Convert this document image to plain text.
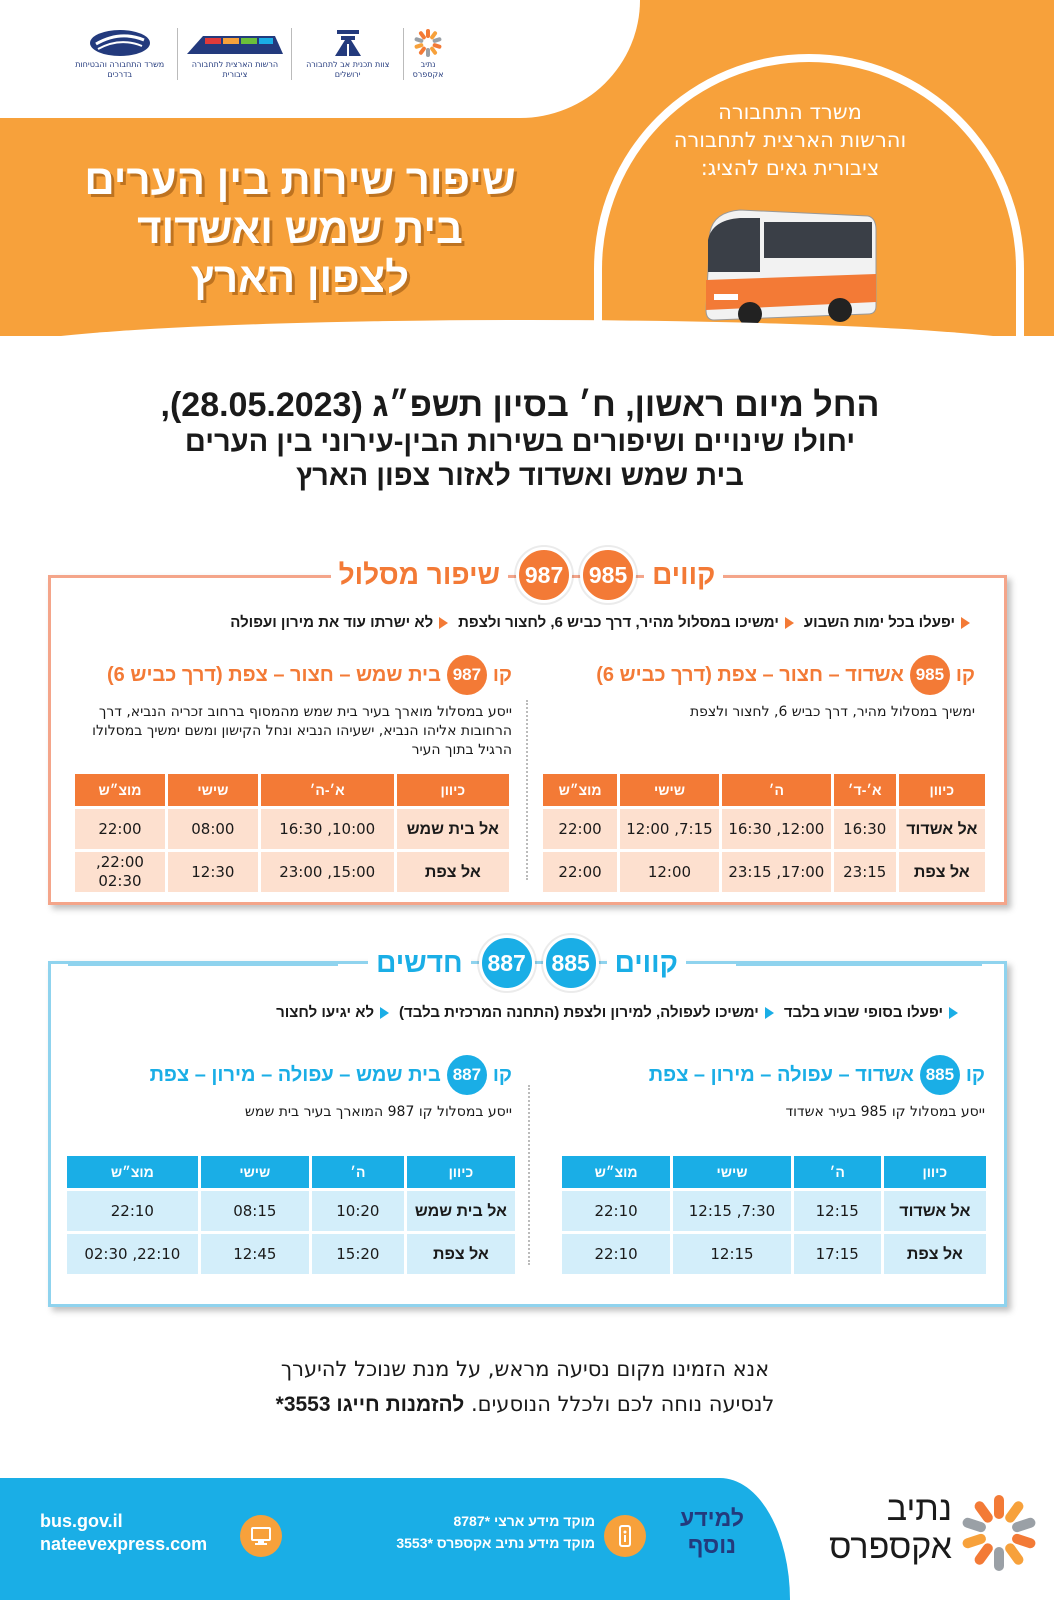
משרד התחבורה והבטיחות בדרכים
הרשות הארצית לתחבורה ציבורית
צוות תכנית אב לתחבורה ירושלים
נתיב אקספרס
שיפור שירות בין הערים
בית שמש ואשדוד
לצפון הארץ
משרד התחבורה
והרשות הארצית לתחבורה
ציבורית גאים להציג:
החל מיום ראשון, ח׳ בסיון תשפ״ג (28.05.2023),
יחולו שינויים ושיפורים בשירות הבין-עירוני בין הערים
בית שמש ואשדוד לאזור צפון הארץ
קווים
985
987
שיפור מסלול
יפעלו בכל ימות השבוע
ימשיכו במסלול מהיר, דרך כביש 6, לחצור ולצפת
לא ישרתו עוד את מירון ועפולה
קו
985
אשדוד – חצור – צפת (דרך כביש 6)
ימשיך במסלול מהיר, דרך כביש 6, לחצור ולצפת
כיוון	א׳-ד׳	ה׳	שישי	מוצ״ש
אל אשדוד	16:30	12:00, 16:30	7:15, 12:00	22:00
אל צפת	23:15	17:00, 23:15	12:00	22:00
קו
987
בית שמש – חצור – צפת (דרך כביש 6)
ייסע במסלול מוארך בעיר בית שמש מהמסוף ברחוב זכריה הנביא, דרך הרחובות אליהו הנביא, ישעיהו הנביא ונחל הקישון ומשם ימשיך במסלולו הרגיל בתוך העיר
כיוון	א׳-ה׳	שישי	מוצ״ש
אל בית שמש	10:00, 16:30	08:00	22:00
אל צפת	15:00, 23:00	12:30	22:00, 02:30
קווים
885
887
חדשים
יפעלו בסופי שבוע בלבד
ימשיכו לעפולה, למירון ולצפת (התחנה המרכזית בלבד)
לא יגיעו לחצור
קו
885
אשדוד – עפולה – מירון – צפת
ייסע במסלול קו 985 בעיר אשדוד
כיוון	ה׳	שישי	מוצ״ש
אל אשדוד	12:15	7:30, 12:15	22:10
אל צפת	17:15	12:15	22:10
קו
887
בית שמש – עפולה – מירון – צפת
ייסע במסלול קו 987 המוארך בעיר בית שמש
כיוון	ה׳	שישי	מוצ״ש
אל בית שמש	10:20	08:15	22:10
אל צפת	15:20	12:45	22:10, 02:30
אנא הזמינו מקום נסיעה מראש, על מנת שנוכל להיערך
לנסיעה נוחה לכם ולכלל הנוסעים. להזמנות חייגו 3553*
למידע
נוסף
מוקד מידע ארצי *8787
מוקד מידע נתיב אקספרס *3553
bus.gov.il
nateevexpress.com
נתיב
אקספרס
